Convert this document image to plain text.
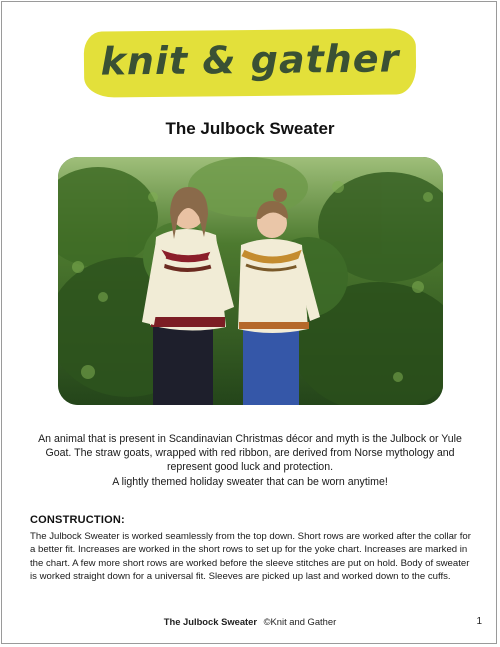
knit & gather
The Julbock Sweater

An animal that is present in Scandinavian Christmas décor and myth is the Julbock or Yule

Goat. The straw goats, wrapped with red ribbon, are derived from Norse mythology and

represent good luck and protection.

A lightly themed holiday sweater that can be worn anytime!

CONSTRUCTION:

The Julbock Sweater is worked seamlessly from the top down. Short rows are worked after the collar for a better fit. Increases are worked in the short rows to set up for the yoke chart. Increases are marked in the chart. A few more short rows are worked before the sleeve stitches are put on hold. Body of sweater is worked straight down for a universal fit. Sleeves are picked up last and worked down to the cuffs.

The Julbock Sweater ©Knit and Gather	1
